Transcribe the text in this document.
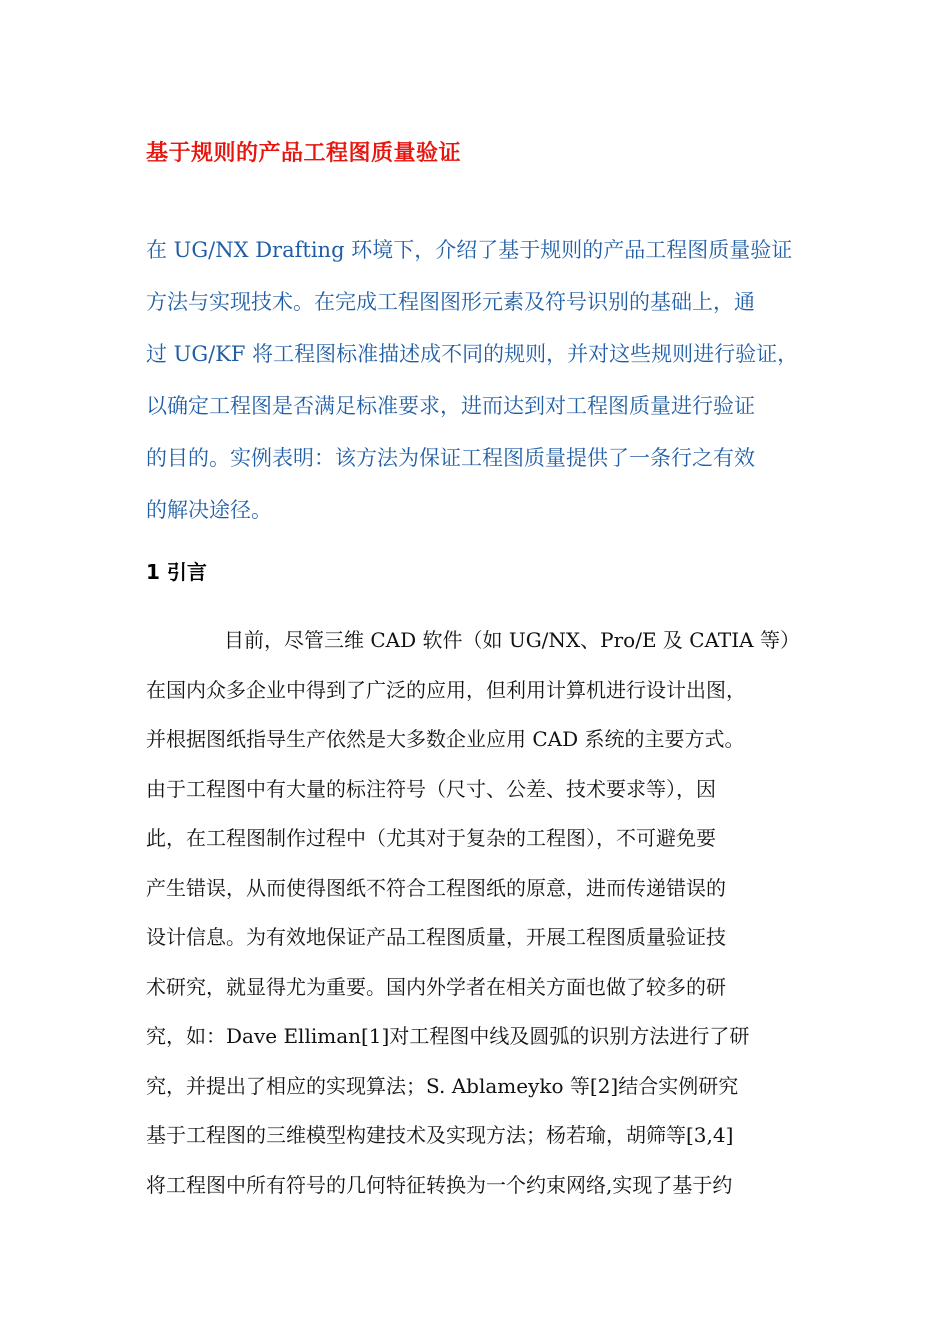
基于规则的产品工程图质量验证
在 UG/NX Drafting 环境下，介绍了基于规则的产品工程图质量验证
方法与实现技术。在完成工程图图形元素及符号识别的基础上，通
过 UG/KF 将工程图标准描述成不同的规则，并对这些规则进行验证，
以确定工程图是否满足标准要求，进而达到对工程图质量进行验证
的目的。实例表明：该方法为保证工程图质量提供了一条行之有效
的解决途径。
1 引言
目前，尽管三维 CAD 软件（如 UG/NX、Pro/E 及 CATIA 等）
在国内众多企业中得到了广泛的应用，但利用计算机进行设计出图，
并根据图纸指导生产依然是大多数企业应用 CAD 系统的主要方式。
由于工程图中有大量的标注符号（尺寸、公差、技术要求等），因
此，在工程图制作过程中（尤其对于复杂的工程图），不可避免要
产生错误，从而使得图纸不符合工程图纸的原意，进而传递错误的
设计信息。为有效地保证产品工程图质量，开展工程图质量验证技
术研究，就显得尤为重要。国内外学者在相关方面也做了较多的研
究，如：Dave Elliman[1]对工程图中线及圆弧的识别方法进行了研
究，并提出了相应的实现算法；S. Ablameyko 等[2]结合实例研究
基于工程图的三维模型构建技术及实现方法；杨若瑜，胡筛等[3,4]
将工程图中所有符号的几何特征转换为一个约束网络,实现了基于约
